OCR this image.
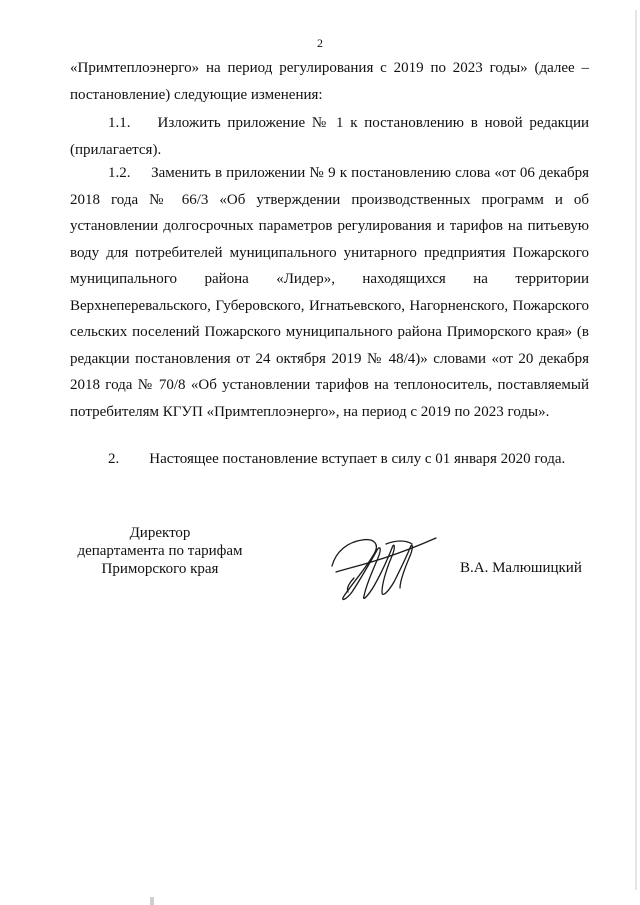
2
«Примтеплоэнерго» на период регулирования с 2019 по 2023 годы» (далее –
постановление) следующие изменения:

1.1. Изложить приложение № 1 к постановлению в новой редакции (прилагается).

1.2. Заменить в приложении № 9 к постановлению слова «от 06 декабря 2018 года № 66/3 «Об утверждении производственных программ и об установлении долгосрочных параметров регулирования и тарифов на питьевую воду для потребителей муниципального унитарного предприятия Пожарского муниципального района «Лидер», находящихся на территории Верхнеперевальского, Губеровского, Игнатьевского, Нагорненского, Пожарского сельских поселений Пожарского муниципального района Приморского края» (в редакции постановления от 24 октября 2019 № 48/4)» словами «от 20 декабря 2018 года № 70/8 «Об установлении тарифов на теплоноситель, поставляемый потребителям КГУП «Примтеплоэнерго», на период с 2019 по 2023 годы».

2. Настоящее постановление вступает в силу с 01 января 2020 года.

Директор
департамента по тарифам
Приморского края	В.А. Малюшицкий
